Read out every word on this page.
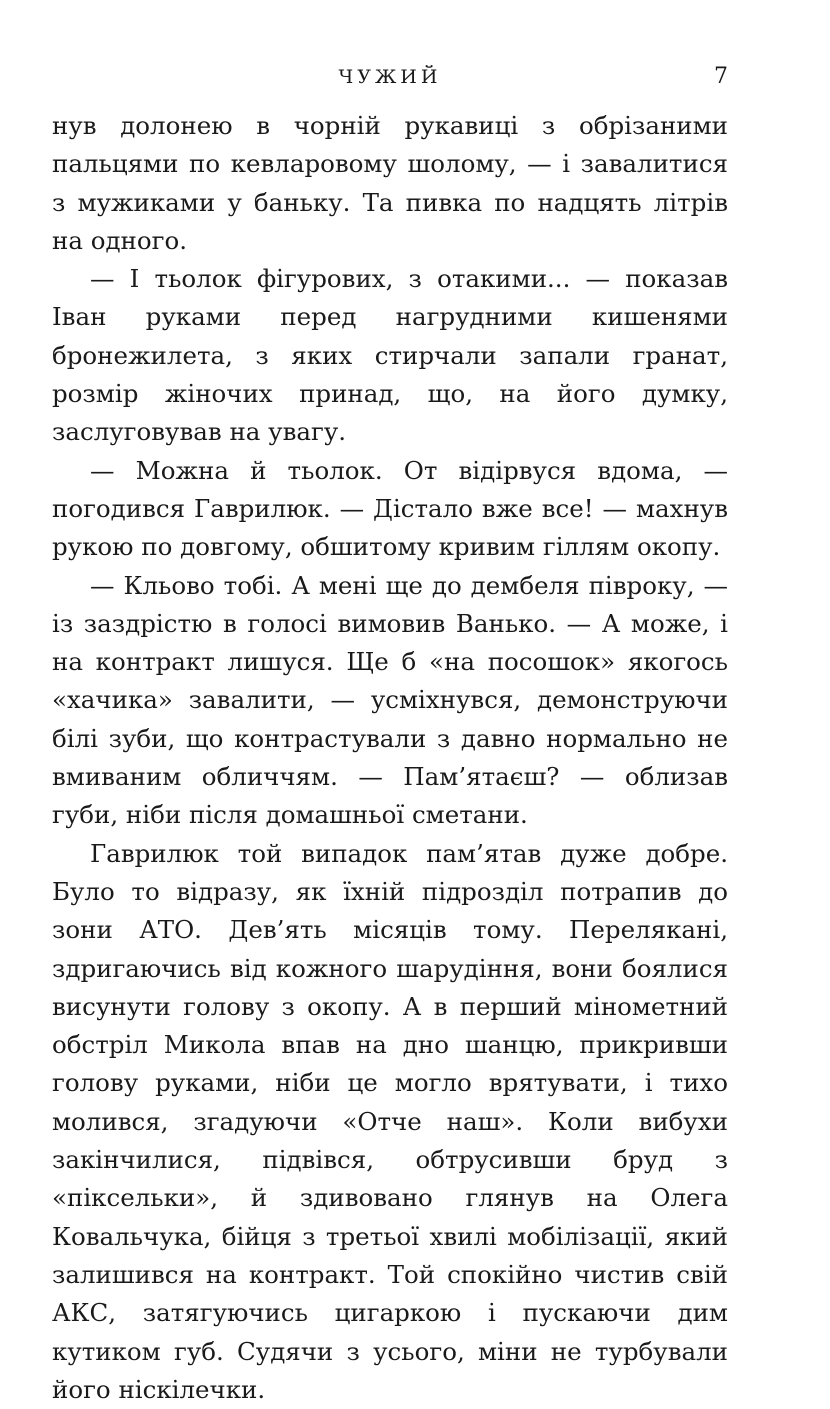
ЧУЖИЙ	7

нув долонею в чорній рукавиці з обрізаними пальцями по кевларовому шолому, — і завалитися з мужиками у баньку. Та пивка по надцять літрів на одного.

— І тьолок фігурових, з отакими... — показав Іван руками перед нагрудними кишенями бронежилета, з яких стирчали запали гранат, розмір жіночих принад, що, на його думку, заслуговував на увагу.

— Можна й тьолок. От відірвуся вдома, — погодився Гаврилюк. — Дістало вже все! — махнув рукою по довгому, обшитому кривим гіллям окопу.

— Кльово тобі. А мені ще до дембеля півроку, — із заздрістю в голосі вимовив Ванько. — А може, і на контракт лишуся. Ще б «на посошок» якогось «хачика» завалити, — усміхнувся, демонструючи білі зуби, що контрастували з давно нормально не вмиваним обличчям. — Пам’ятаєш? — облизав губи, ніби після домашньої сметани.

Гаврилюк той випадок пам’ятав дуже добре. Було то відразу, як їхній підрозділ потрапив до зони АТО. Дев’ять місяців тому. Перелякані, здригаючись від кожного шарудіння, вони боялися висунути голову з окопу. А в перший мінометний обстріл Микола впав на дно шанцю, прикривши голову руками, ніби це могло врятувати, і тихо молився, згадуючи «Отче наш». Коли вибухи закінчилися, підвівся, обтрусивши бруд з «піксельки», й здивовано глянув на Олега Ковальчука, бійця з третьої хвилі мобілізації, який залишився на контракт. Той спокійно чистив свій АКС, затягуючись цигаркою і пускаючи дим кутиком губ. Судячи з усього, міни не турбували його ніскілечки.
